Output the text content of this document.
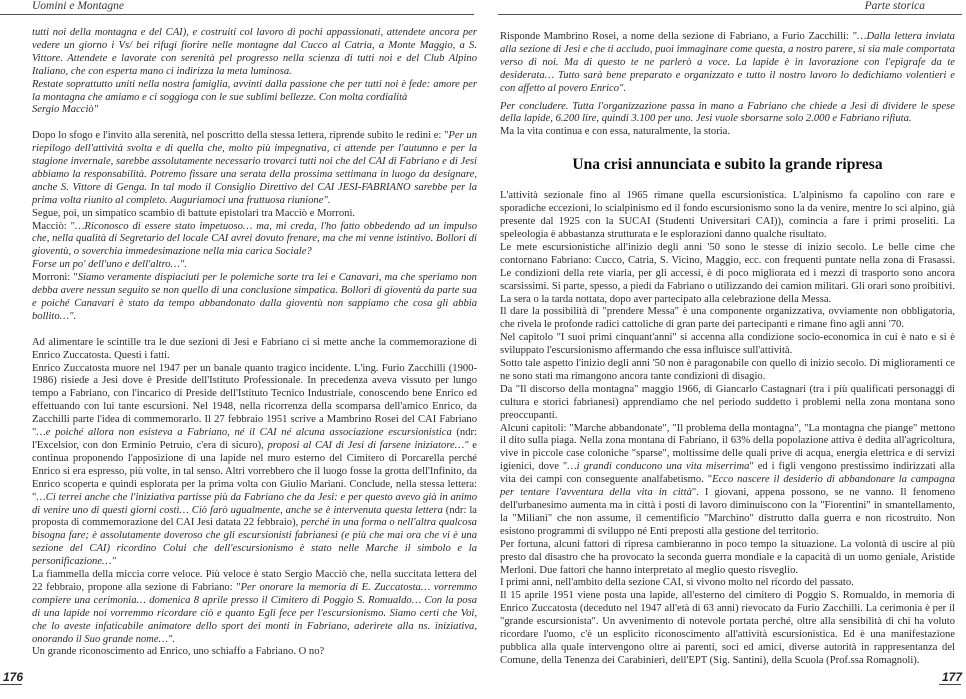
Uomini e Montagne

tutti noi della montagna e del CAI), e costruiti col lavoro di pochi appassionati, attendete ancora per vedere un giorno i Vs/ bei rifugi fiorire nelle montagne dal Cucco al Catria, a Monte Maggio, a S. Vittore. Attendete e lavorate con serenità pel progresso nella scienza di tutti noi e del Club Alpino Italiano, che con esperta mano ci indirizza la meta luminosa.

Restate soprattutto uniti nella nostra famiglia, avvinti dalla passione che per tutti noi è fede: amore per la montagna che amiamo e ci soggioga con le sue sublimi bellezze. Con molta cordialità

Sergio Macciò"

Dopo lo sfogo e l'invito alla serenità, nel poscritto della stessa lettera, riprende subito le redini e: "Per un riepilogo dell'attività svolta e di quella che, molto più impegnativa, ci attende per l'autunno e per la stagione invernale, sarebbe assolutamente necessario trovarci tutti noi che del CAI di Fabriano e di Jesi abbiamo la responsabilità. Potremo fissare una serata della prossima settimana in luogo da designare, anche S. Vittore di Genga. In tal modo il Consiglio Direttivo del CAI JESI-FABRIANO sarebbe per la prima volta riunito al completo. Auguriamoci una fruttuosa riunione".

Segue, poi, un simpatico scambio di battute epistolari tra Macciò e Morroni.

Macciò: "…Riconosco di essere stato impetuoso… ma, mi creda, l'ho fatto obbedendo ad un impulso che, nella qualità di Segretario del locale CAI avrei dovuto frenare, ma che mi venne istintivo. Bollori di gioventù, o soverchia immedesimazione nella mia carica Sociale?

Forse un po' dell'uno e dell'altro…".

Morroni: "Siamo veramente dispiaciuti per le polemiche sorte tra lei e Canavari, ma che speriamo non debba avere nessun seguito se non quello di una conclusione simpatica. Bollori di gioventù da parte sua e poiché Canavari è stato da tempo abbandonato dalla gioventù non sappiamo che cosa gli abbia bollito…".

Ad alimentare le scintille tra le due sezioni di Jesi e Fabriano ci si mette anche la commemorazione di Enrico Zuccatosta. Questi i fatti.

Enrico Zuccatosta muore nel 1947 per un banale quanto tragico incidente. L'ing. Furio Zacchilli (1900-1986) risiede a Jesi dove è Preside dell'Istituto Professionale. In precedenza aveva vissuto per lungo tempo a Fabriano, con l'incarico di Preside dell'Istituto Tecnico Industriale, conoscendo bene Enrico ed effettuando con lui tante escursioni. Nel 1948, nella ricorrenza della scomparsa dell'amico Enrico, da Zacchilli parte l'idea di commemorarlo. Il 27 febbraio 1951 scrive a Mambrino Rosei del CAI Fabriano "…e poiché allora non esisteva a Fabriano, né il CAI né alcuna associazione escursionistica (ndr: l'Excelsior, con don Erminio Petruio, c'era di sicuro), proposi al CAI di Jesi di farsene iniziatore…" e continua proponendo l'apposizione di una lapide nel muro esterno del Cimitero di Porcarella perché Enrico si era espresso, più volte, in tal senso. Altri vorrebbero che il luogo fosse la grotta dell'Infinito, da Enrico scoperta e quindi esplorata per la prima volta con Giulio Mariani. Conclude, nella stessa lettera: "…Ci terrei anche che l'iniziativa partisse più da Fabriano che da Jesi: e per questo avevo già in animo di venire uno di questi giorni costì… Ciò farò ugualmente, anche se è intervenuta questa lettera (ndr: la proposta di commemorazione del CAI Jesi datata 22 febbraio), perché in una forma o nell'altra qualcosa bisogna fare; è assolutamente doveroso che gli escursionisti fabrianesi (e più che mai ora che vi è una sezione del CAI) ricordino Colui che dell'escursionismo è stato nelle Marche il simbolo e la personificazione…"

La fiammella della miccia corre veloce. Più veloce è stato Sergio Macciò che, nella succitata lettera del 22 febbraio, propone alla sezione di Fabriano: "Per onorare la memoria di E. Zuccatosta… vorremmo compiere una cerimonia… domenica 8 aprile presso il Cimitero di Poggio S. Romualdo… Con la posa di una lapide noi vorremmo ricordare ciò e quanto Egli fece per l'escursionismo. Siamo certi che Voi, che lo aveste infaticabile animatore dello sport dei monti in Fabriano, aderirete alla ns. iniziativa, onorando il Suo grande nome…".

Un grande riconoscimento ad Enrico, uno schiaffo a Fabriano. O no?

176
Parte storica

Risponde Mambrino Rosei, a nome della sezione di Fabriano, a Furio Zacchilli: "…Dalla lettera inviata alla sezione di Jesi e che ti accludo, puoi immaginare come questa, a nostro parere, si sia male comportata verso di noi. Ma di questo te ne parlerò a voce. La lapide è in lavorazione con l'epigrafe da te desiderata… Tutto sarà bene preparato e organizzato e tutto il nostro lavoro lo dedichiamo volentieri e con affetto al povero Enrico".

Per concludere. Tutta l'organizzazione passa in mano a Fabriano che chiede a Jesi di dividere le spese della lapide, 6.200 lire, quindi 3.100 per uno. Jesi vuole sborsarne solo 2.000 e Fabriano rifiuta.

Ma la vita continua e con essa, naturalmente, la storia.

Una crisi annunciata e subito la grande ripresa

L'attività sezionale fino al 1965 rimane quella escursionistica. L'alpinismo fa capolino con rare e sporadiche eccezioni, lo scialpinismo ed il fondo escursionismo sono la da venire, mentre lo sci alpino, già presente dal 1925 con la SUCAI (Studenti Universitari CAI)), comincia a fare i primi proseliti. La speleologia è abbastanza strutturata e le esplorazioni danno qualche risultato.

Le mete escursionistiche all'inizio degli anni '50 sono le stesse di inizio secolo. Le belle cime che contornano Fabriano: Cucco, Catria, S. Vicino, Maggio, ecc. con frequenti puntate nella zona di Frasassi. Le condizioni della rete viaria, per gli accessi, è di poco migliorata ed i mezzi di trasporto sono ancora scarsissimi. Si parte, spesso, a piedi da Fabriano o utilizzando dei camion militari. Gli orari sono proibitivi. La sera o la tarda nottata, dopo aver partecipato alla celebrazione della Messa.

Il dare la possibilità di "prendere Messa" è una componente organizzativa, ovviamente non obbligatoria, che rivela le profonde radici cattoliche di gran parte dei partecipanti e rimane fino agli anni '70.

Nel capitolo "I suoi primi cinquant'anni" si accenna alla condizione socio-economica in cui è nato e si è sviluppato l'escursionismo affermando che essa influisce sull'attività.

Sotto tale aspetto l'inizio degli anni '50 non è paragonabile con quello di inizio secolo. Di miglioramenti ce ne sono stati ma rimangono ancora tante condizioni di disagio.

Da "Il discorso della montagna" maggio 1966, di Giancarlo Castagnari (tra i più qualificati personaggi di cultura e storici fabrianesi) apprendiamo che nel periodo suddetto i problemi nella zona montana sono preoccupanti.

Alcuni capitoli: "Marche abbandonate", "Il problema della montagna", "La montagna che piange" mettono il dito sulla piaga. Nella zona montana di Fabriano, il 63% della popolazione attiva è dedita all'agricoltura, vive in piccole case coloniche "sparse", moltissime delle quali prive di acqua, energia elettrica e di servizi igienici, dove "…i grandi conducono una vita miserrima" ed i figli vengono prestissimo indirizzati alla vita dei campi con conseguente analfabetismo. "Ecco nascere il desiderio di abbandonare la campagna per tentare l'avventura della vita in città". I giovani, appena possono, se ne vanno. Il fenomeno dell'urbanesimo aumenta ma in città i posti di lavoro diminuiscono con la "Fiorentini" in smantellamento, la "Miliani" che non assume, il cementificio "Marchino" distrutto dalla guerra e non ricostruito. Non esistono programmi di sviluppo né Enti preposti alla gestione del territorio.

Per fortuna, alcuni fattori di ripresa cambieranno in poco tempo la situazione. La volontà di uscire al più presto dal disastro che ha provocato la seconda guerra mondiale e la capacità di un uomo geniale, Aristide Merloni. Due fattori che hanno interpretato al meglio questo risveglio.

I primi anni, nell'ambito della sezione CAI, si vivono molto nel ricordo del passato.

Il 15 aprile 1951 viene posta una lapide, all'esterno del cimitero di Poggio S. Romualdo, in memoria di Enrico Zuccatosta (deceduto nel 1947 all'età di 63 anni) rievocato da Furio Zacchilli. La cerimonia è per il "grande escursionista". Un avvenimento di notevole portata perché, oltre alla sensibilità di chi ha voluto ricordare l'uomo, c'è un esplicito riconoscimento all'attività escursionistica. Ed è una manifestazione pubblica alla quale intervengono oltre ai parenti, soci ed amici, diverse autorità in rappresentanza del Comune, della Tenenza dei Carabinieri, dell'EPT (Sig. Santini), della Scuola (Prof.ssa Romagnoli).

177
